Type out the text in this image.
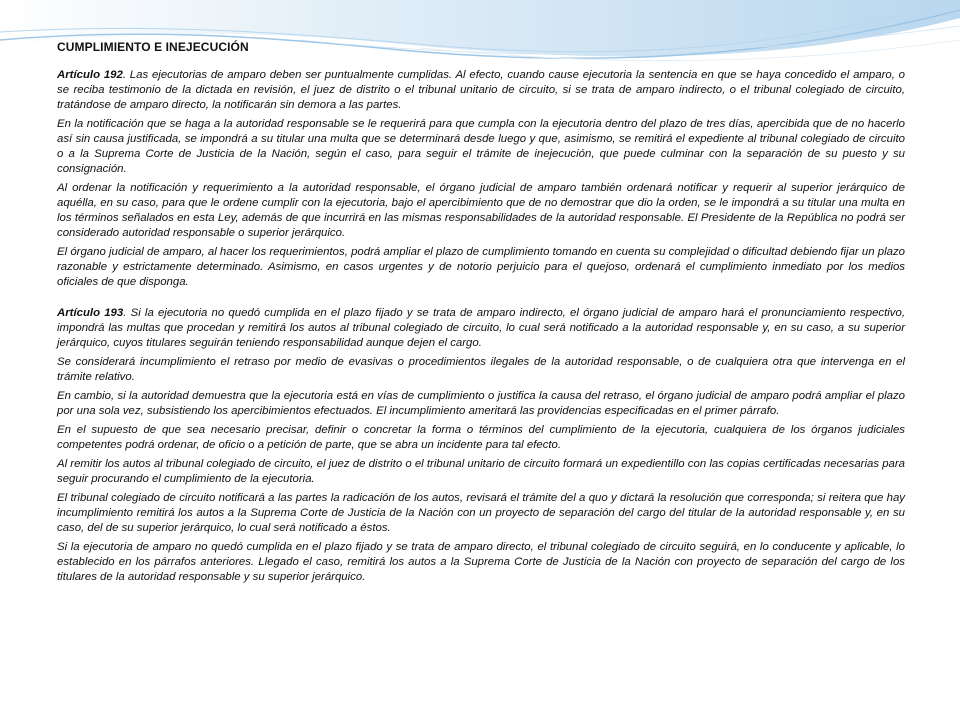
CUMPLIMIENTO E INEJECUCIÓN
Artículo 192. Las ejecutorias de amparo deben ser puntualmente cumplidas. Al efecto, cuando cause ejecutoria la sentencia en que se haya concedido el amparo, o se reciba testimonio de la dictada en revisión, el juez de distrito o el tribunal unitario de circuito, si se trata de amparo indirecto, o el tribunal colegiado de circuito, tratándose de amparo directo, la notificarán sin demora a las partes.
En la notificación que se haga a la autoridad responsable se le requerirá para que cumpla con la ejecutoria dentro del plazo de tres días, apercibida que de no hacerlo así sin causa justificada, se impondrá a su titular una multa que se determinará desde luego y que, asimismo, se remitirá el expediente al tribunal colegiado de circuito o a la Suprema Corte de Justicia de la Nación, según el caso, para seguir el trámite de inejecución, que puede culminar con la separación de su puesto y su consignación.
Al ordenar la notificación y requerimiento a la autoridad responsable, el órgano judicial de amparo también ordenará notificar y requerir al superior jerárquico de aquélla, en su caso, para que le ordene cumplir con la ejecutoria, bajo el apercibimiento que de no demostrar que dio la orden, se le impondrá a su titular una multa en los términos señalados en esta Ley, además de que incurrirá en las mismas responsabilidades de la autoridad responsable. El Presidente de la República no podrá ser considerado autoridad responsable o superior jerárquico.
El órgano judicial de amparo, al hacer los requerimientos, podrá ampliar el plazo de cumplimiento tomando en cuenta su complejidad o dificultad debiendo fijar un plazo razonable y estrictamente determinado. Asimismo, en casos urgentes y de notorio perjuicio para el quejoso, ordenará el cumplimiento inmediato por los medios oficiales de que disponga.
Artículo 193. Si la ejecutoria no quedó cumplida en el plazo fijado y se trata de amparo indirecto, el órgano judicial de amparo hará el pronunciamiento respectivo, impondrá las multas que procedan y remitirá los autos al tribunal colegiado de circuito, lo cual será notificado a la autoridad responsable y, en su caso, a su superior jerárquico, cuyos titulares seguirán teniendo responsabilidad aunque dejen el cargo.
Se considerará incumplimiento el retraso por medio de evasivas o procedimientos ilegales de la autoridad responsable, o de cualquiera otra que intervenga en el trámite relativo.
En cambio, si la autoridad demuestra que la ejecutoria está en vías de cumplimiento o justifica la causa del retraso, el órgano judicial de amparo podrá ampliar el plazo por una sola vez, subsistiendo los apercibimientos efectuados. El incumplimiento ameritará las providencias especificadas en el primer párrafo.
En el supuesto de que sea necesario precisar, definir o concretar la forma o términos del cumplimiento de la ejecutoria, cualquiera de los órganos judiciales competentes podrá ordenar, de oficio o a petición de parte, que se abra un incidente para tal efecto.
Al remitir los autos al tribunal colegiado de circuito, el juez de distrito o el tribunal unitario de circuito formará un expedientillo con las copias certificadas necesarias para seguir procurando el cumplimiento de la ejecutoria.
El tribunal colegiado de circuito notificará a las partes la radicación de los autos, revisará el trámite del a quo y dictará la resolución que corresponda; si reitera que hay incumplimiento remitirá los autos a la Suprema Corte de Justicia de la Nación con un proyecto de separación del cargo del titular de la autoridad responsable y, en su caso, del de su superior jerárquico, lo cual será notificado a éstos.
Si la ejecutoria de amparo no quedó cumplida en el plazo fijado y se trata de amparo directo, el tribunal colegiado de circuito seguirá, en lo conducente y aplicable, lo establecido en los párrafos anteriores. Llegado el caso, remitirá los autos a la Suprema Corte de Justicia de la Nación con proyecto de separación del cargo de los titulares de la autoridad responsable y su superior jerárquico.
